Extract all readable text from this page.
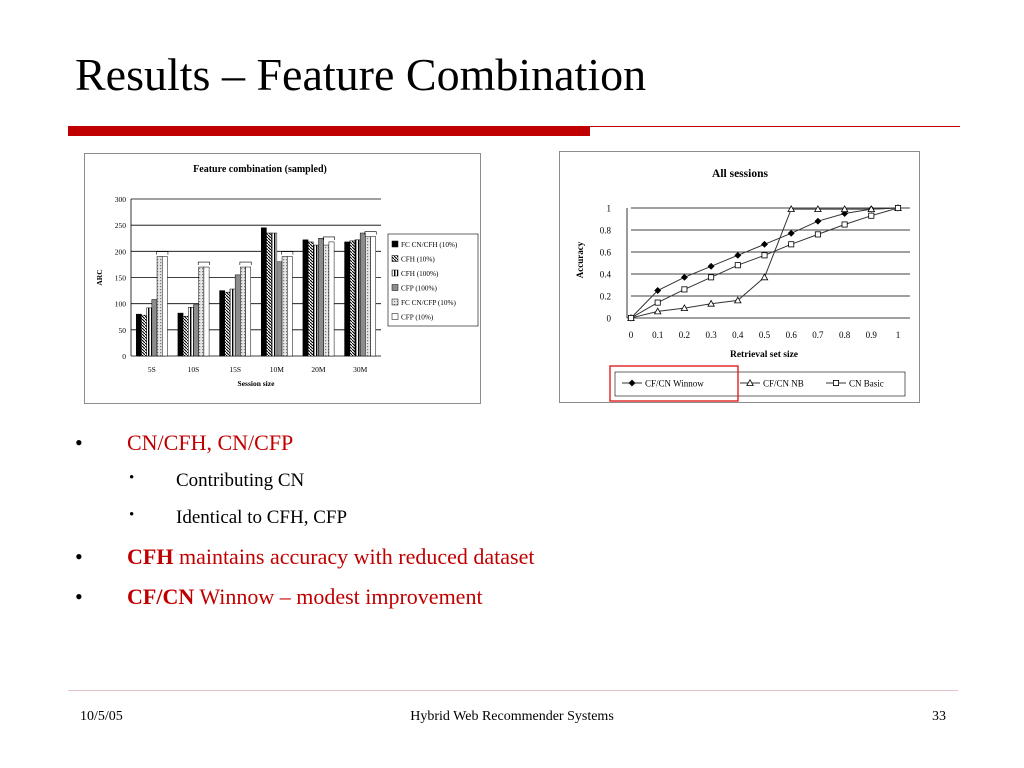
Results – Feature Combination
Feature combination (sampled)
0
50
100
150
200
250
300
ARC
5S	10S	15S	10M	20M	30M
Session size
FC CN/CFH (10%)
CFH (10%)
CFH (100%)
CFP (100%)
FC CN/CFP (10%)
CFP (10%)
All sessions
0
0.2
0.4
0.6
0.8
1
Accuracy
0 0.1 0.2 0.3 0.4 0.5 0.6 0.7 0.8 0.9 1
Retrieval set size
CF/CN Winnow	CF/CN NB	CN Basic
• CN/CFH, CN/CFP
• Contributing CN
• Identical to CFH, CFP
• CFH maintains accuracy with reduced dataset
• CF/CN Winnow – modest improvement
10/5/05	Hybrid Web Recommender Systems	33
